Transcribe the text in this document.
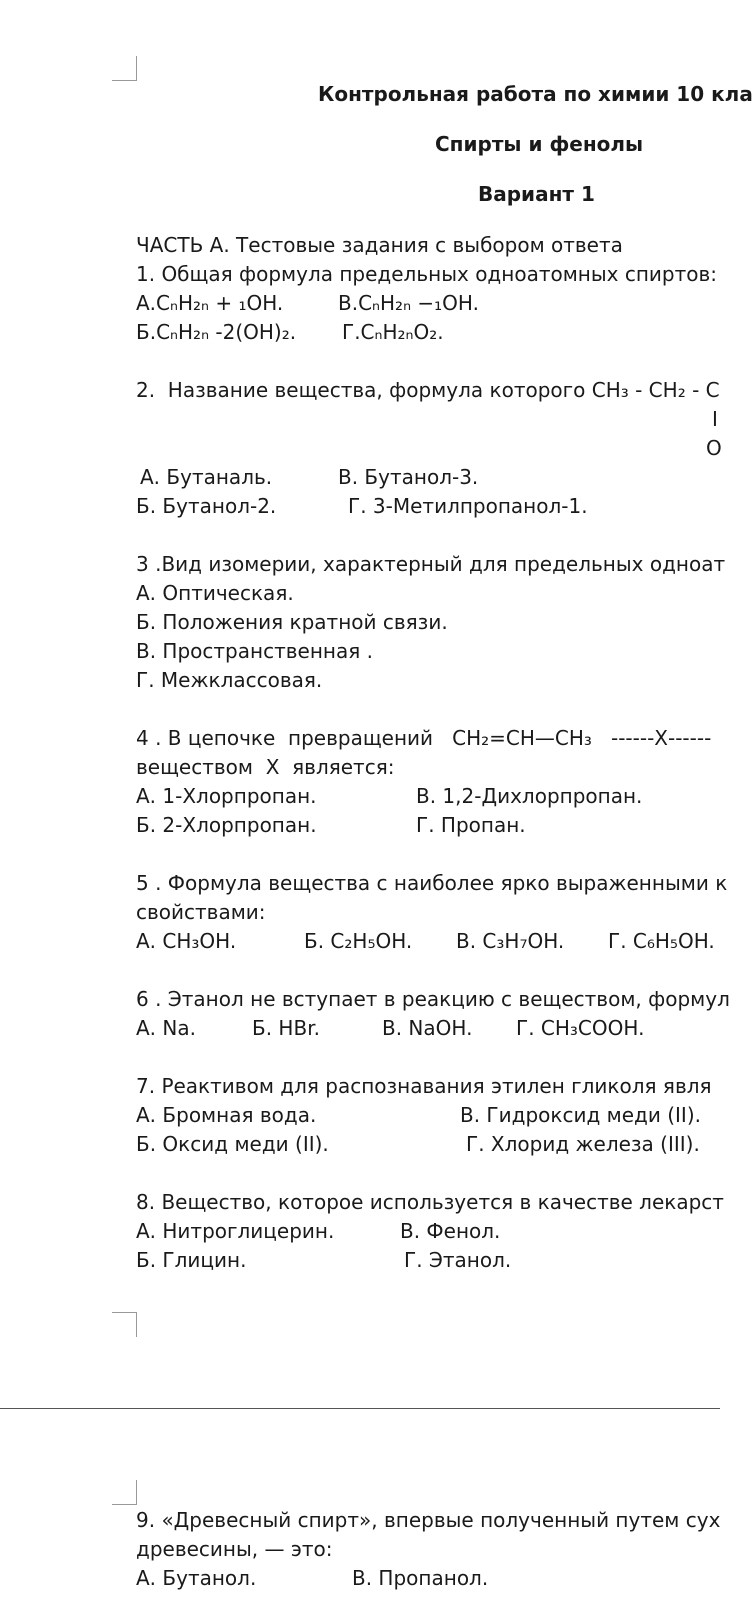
Контрольная работа по химии 10 кла
Спирты и фенолы
Вариант 1
ЧАСТЬ А. Тестовые задания с выбором ответа
1. Общая формула предельных одноатомных спиртов:
А.CₙH₂ₙ + ₁OH.	В.CₙH₂ₙ −₁OH.
Б.CₙH₂ₙ -2(OH)₂. Г.CₙH₂ₙO₂.
2.  Название вещества, формула которого CH₃ - CH₂ - C
I
O
А. Бутаналь.	В. Бутанол-3.
Б. Бутанол-2.	Г. 3-Метилпропанол-1.
3 .Вид изомерии, характерный для предельных одноат
А. Оптическая.
Б. Положения кратной связи.
В. Пространственная .
Г. Межклассовая.
4 . В цепочке  превращений   CH₂=CH—CH₃   ------Х------
веществом  Х  является:
А. 1-Хлорпропан.	В. 1,2-Дихлорпропан.
Б. 2-Хлорпропан.	Г. Пропан.
5 . Формула вещества с наиболее ярко выраженными к
свойствами:
А. CH₃OH.	Б. C₂H₅OH. В. C₃H₇OH. Г. C₆H₅OH.
6 . Этанол не вступает в реакцию с веществом, формул
А. Na.	Б. HBr.	В. NaOH. Г. CH₃COOH.
7. Реактивом для распознавания этилен гликоля явля
А. Бромная вода.	В. Гидроксид меди (II).
Б. Оксид меди (II).	Г. Хлорид железа (III).
8. Вещество, которое используется в качестве лекарст
А. Нитроглицерин.	В. Фенол.
Б. Глицин.	Г. Этанол.
9. «Древесный спирт», впервые полученный путем сух
древесины, — это:
А. Бутанол.	В. Пропанол.
